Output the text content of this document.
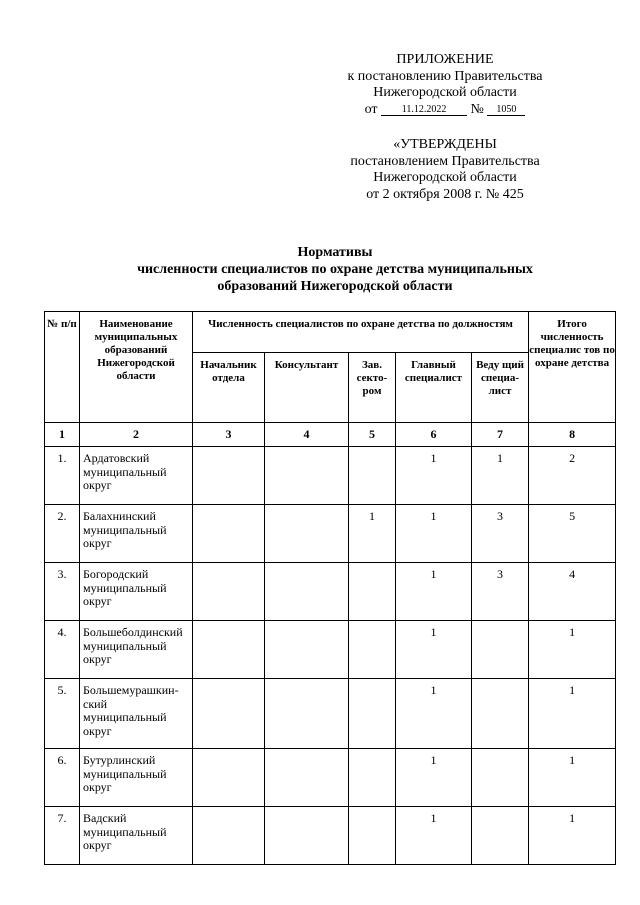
ПРИЛОЖЕНИЕ
к постановлению Правительства
Нижегородской области
от 11.12.2022 № 1050
«УТВЕРЖДЕНЫ
постановлением Правительства
Нижегородской области
от 2 октября 2008 г. № 425
Нормативы
численности специалистов по охране детства муниципальных
образований Нижегородской области
№ п/п	Наименование муниципальных образований Нижегородской области	Численность специалистов по охране детства по должностям					Итого численность специалис тов по охране детства
		Начальник отдела	Консультант	Зав. секто-ром	Главный специалист	Веду щий специа-лист	
1	2	3	4	5	6	7	8
1.	Ардатовский муниципальный округ				1	1	2
2.	Балахнинский муниципальный округ			1	1	3	5
3.	Богородский муниципальный округ				1	3	4
4.	Большеболдинский муниципальный округ				1		1
5.	Большемурашкин-ский муниципальный округ				1		1
6.	Бутурлинский муниципальный округ				1		1
7.	Вадский муниципальный округ				1		1
